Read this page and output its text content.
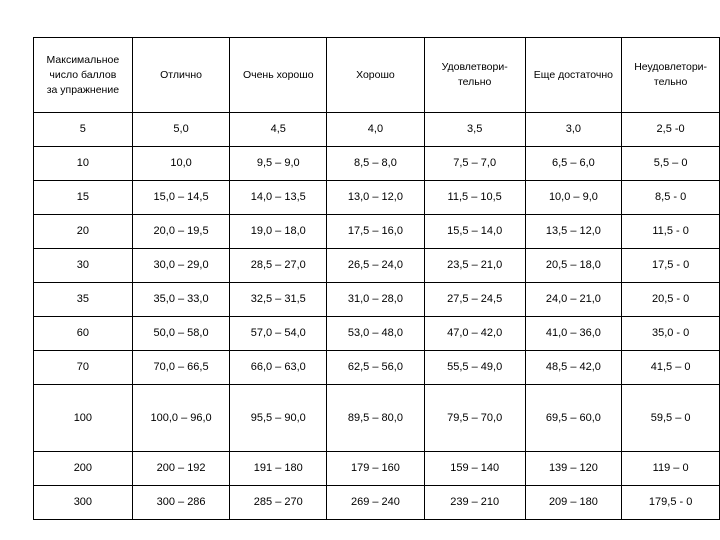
Максимальное
число баллов
за упражнение	Отлично	Очень хорошо	Хорошо	Удовлетвори-
тельно	Еще достаточно	Неудовлетори-
тельно
5	5,0	4,5	4,0	3,5	3,0	2,5 -0
10	10,0	9,5 – 9,0	8,5 – 8,0	7,5 – 7,0	6,5 – 6,0	5,5 – 0
15	15,0 – 14,5	14,0 – 13,5	13,0 – 12,0	11,5 – 10,5	10,0 – 9,0	8,5 - 0
20	20,0 – 19,5	19,0 – 18,0	17,5 – 16,0	15,5 – 14,0	13,5 – 12,0	11,5 - 0
30	30,0 – 29,0	28,5 – 27,0	26,5 – 24,0	23,5 – 21,0	20,5 – 18,0	17,5 - 0
35	35,0 – 33,0	32,5 – 31,5	31,0 – 28,0	27,5 – 24,5	24,0 – 21,0	20,5 - 0
60	50,0 – 58,0	57,0 – 54,0	53,0 – 48,0	47,0 – 42,0	41,0 – 36,0	35,0 - 0
70	70,0 – 66,5	66,0 – 63,0	62,5 – 56,0	55,5 – 49,0	48,5 – 42,0	41,5 – 0
100	100,0 – 96,0	95,5 – 90,0	89,5 – 80,0	79,5 – 70,0	69,5 – 60,0	59,5 – 0
200	200 – 192	191 – 180	179 – 160	159 – 140	139 – 120	119 – 0
300	300 – 286	285 – 270	269 – 240	239 – 210	209 – 180	179,5 - 0
